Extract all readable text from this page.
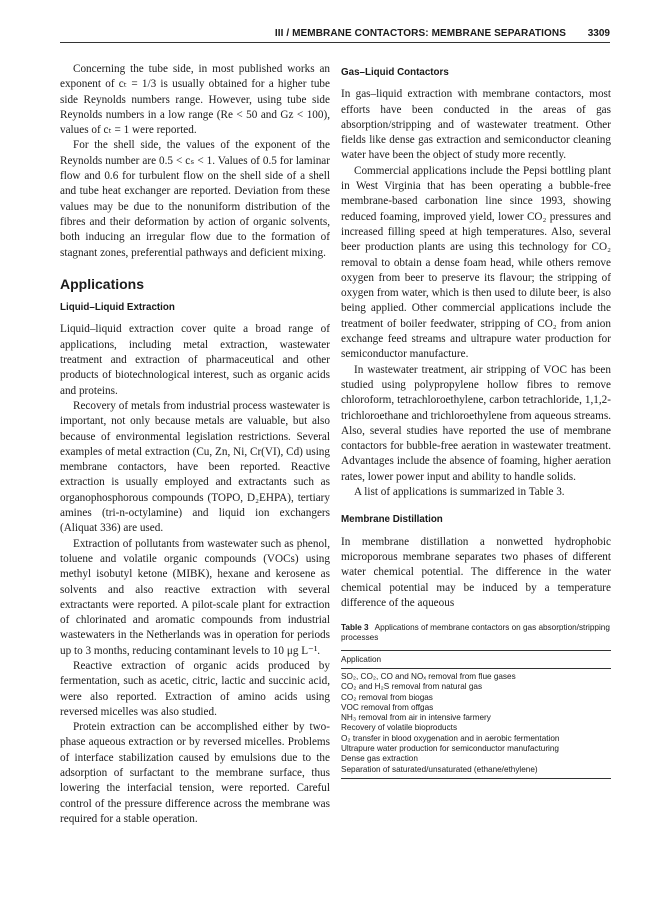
III / MEMBRANE CONTACTORS: MEMBRANE SEPARATIONS 3309

Concerning the tube side, in most published works an exponent of cₜ = 1/3 is usually obtained for a higher tube side Reynolds numbers range. However, using tube side Reynolds numbers in a low range (Re < 50 and Gz < 100), values of cₜ = 1 were reported.

For the shell side, the values of the exponent of the Reynolds number are 0.5 < cₛ < 1. Values of 0.5 for laminar flow and 0.6 for turbulent flow on the shell side of a shell and tube heat exchanger are reported. Deviation from these values may be due to the nonuniform distribution of the fibres and their deformation by action of organic solvents, both inducing an irregular flow due to the formation of stagnant zones, preferential pathways and deficient mixing.

Applications
Liquid–Liquid Extraction

Liquid–liquid extraction cover quite a broad range of applications, including metal extraction, wastewater treatment and extraction of pharmaceutical and other products of biotechnological interest, such as organic acids and proteins.

Recovery of metals from industrial process wastewater is important, not only because metals are valuable, but also because of environmental legislation restrictions. Several examples of metal extraction (Cu, Zn, Ni, Cr(VI), Cd) using membrane contactors, have been reported. Reactive extraction is usually employed and extractants such as organophosphorous compounds (TOPO, D₂EHPA), tertiary amines (tri-n-octylamine) and liquid ion exchangers (Aliquat 336) are used.

Extraction of pollutants from wastewater such as phenol, toluene and volatile organic compounds (VOCs) using methyl isobutyl ketone (MIBK), hexane and kerosene as solvents and also reactive extraction with several extractants were reported. A pilot-scale plant for extraction of chlorinated and aromatic compounds from industrial wastewaters in the Netherlands was in operation for periods up to 3 months, reducing contaminant levels to 10 μg L⁻¹.

Reactive extraction of organic acids produced by fermentation, such as acetic, citric, lactic and succinic acid, were also reported. Extraction of amino acids using reversed micelles was also studied.

Protein extraction can be accomplished either by two-phase aqueous extraction or by reversed micelles. Problems of interface stabilization caused by emulsions due to the adsorption of surfactant to the membrane surface, thus lowering the interfacial tension, were reported. Careful control of the pressure difference across the membrane was required for a stable operation.

Gas–Liquid Contactors

In gas–liquid extraction with membrane contactors, most efforts have been conducted in the areas of gas absorption/stripping and of wastewater treatment. Other fields like dense gas extraction and semiconductor cleaning water have been the object of study more recently.

Commercial applications include the Pepsi bottling plant in West Virginia that has been operating a bubble-free membrane-based carbonation line since 1993, showing reduced foaming, improved yield, lower CO₂ pressures and increased filling speed at high temperatures. Also, several beer production plants are using this technology for CO₂ removal to obtain a dense foam head, while others remove oxygen from beer to preserve its flavour; the stripping of oxygen from water, which is then used to dilute beer, is also being applied. Other commercial applications include the treatment of boiler feedwater, stripping of CO₂ from anion exchange feed streams and ultrapure water production for semiconductor manufacture.

In wastewater treatment, air stripping of VOC has been studied using polypropylene hollow fibres to remove chloroform, tetrachloroethylene, carbon tetrachloride, 1,1,2-trichloroethane and trichloroethylene from aqueous streams. Also, several studies have reported the use of membrane contactors for bubble-free aeration in wastewater treatment. Advantages include the absence of foaming, higher aeration rates, lower power input and ability to handle solids.

A list of applications is summarized in Table 3.

Membrane Distillation

In membrane distillation a nonwetted hydrophobic microporous membrane separates two phases of different water chemical potential. The difference in the water chemical potential may be induced by a temperature difference of the aqueous

Table 3 Applications of membrane contactors on gas absorption/stripping processes
Application
SO₂, CO₂, CO and NOₓ removal from flue gases
CO₂ and H₂S removal from natural gas
CO₂ removal from biogas
VOC removal from offgas
NH₃ removal from air in intensive farmery
Recovery of volatile bioproducts
O₂ transfer in blood oxygenation and in aerobic fermentation
Ultrapure water production for semiconductor manufacturing
Dense gas extraction
Separation of saturated/unsaturated (ethane/ethylene)
